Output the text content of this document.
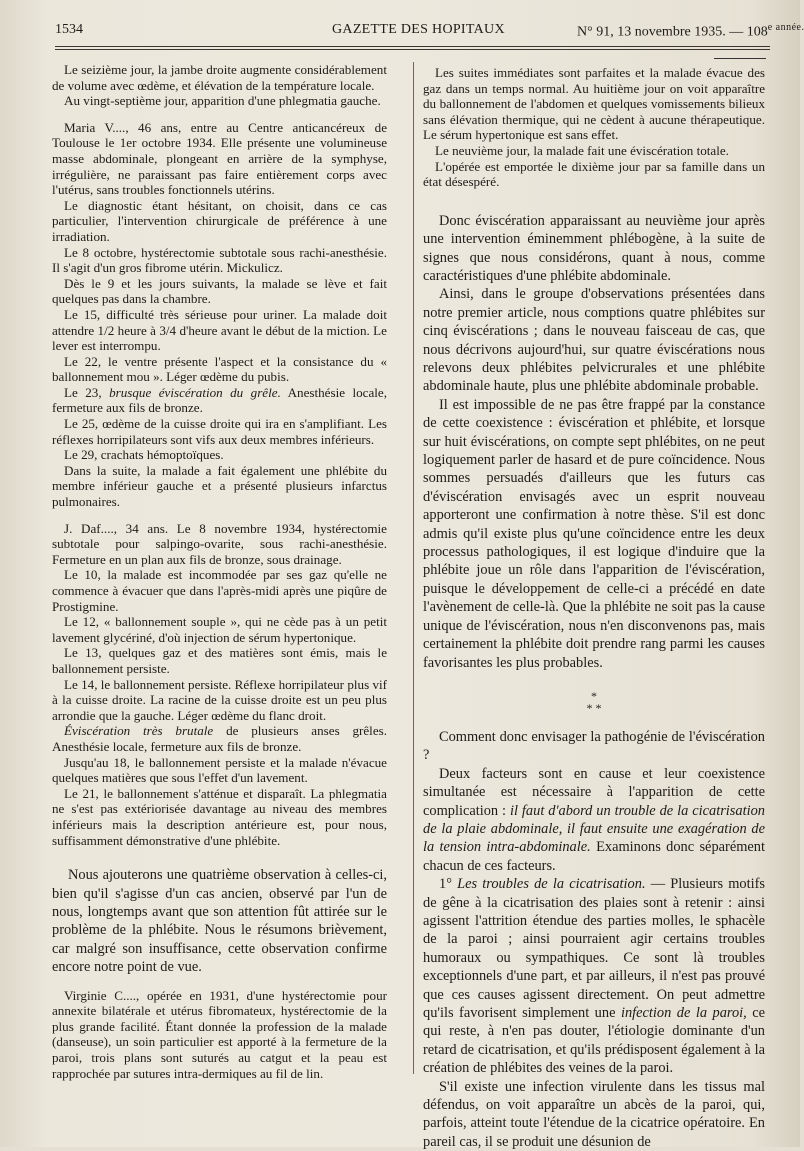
1534	GAZETTE DES HOPITAUX	N° 91, 13 novembre 1935. — $108^{e année.}$

Le seizième jour, la jambe droite augmente considérablement de volume avec œdème, et élévation de la température locale.

Au vingt-septième jour, apparition d'une phlegmatia gauche.

Maria V...., 46 ans, entre au Centre anticancéreux de Toulouse le 1er octobre 1934. Elle présente une volumineuse masse abdominale, plongeant en arrière de la symphyse, irrégulière, ne paraissant pas faire entièrement corps avec l'utérus, sans troubles fonctionnels utérins.

Le diagnostic étant hésitant, on choisit, dans ce cas particulier, l'intervention chirurgicale de préférence à une irradiation.

Le 8 octobre, hystérectomie subtotale sous rachi-anesthésie. Il s'agit d'un gros fibrome utérin. Mickulicz.

Dès le 9 et les jours suivants, la malade se lève et fait quelques pas dans la chambre.

Le 15, difficulté très sérieuse pour uriner. La malade doit attendre 1/2 heure à 3/4 d'heure avant le début de la miction. Le lever est interrompu.

Le 22, le ventre présente l'aspect et la consistance du « ballonnement mou ». Léger œdème du pubis.

Le 23, brusque éviscération du grêle. Anesthésie locale, fermeture aux fils de bronze.

Le 25, œdème de la cuisse droite qui ira en s'amplifiant. Les réflexes horripilateurs sont vifs aux deux membres inférieurs.

Le 29, crachats hémoptoïques.

Dans la suite, la malade a fait également une phlébite du membre inférieur gauche et a présenté plusieurs infarctus pulmonaires.

J. Daf...., 34 ans. Le 8 novembre 1934, hystérectomie subtotale pour salpingo-ovarite, sous rachi-anesthésie. Fermeture en un plan aux fils de bronze, sous drainage.

Le 10, la malade est incommodée par ses gaz qu'elle ne commence à évacuer que dans l'après-midi après une piqûre de Prostigmine.

Le 12, « ballonnement souple », qui ne cède pas à un petit lavement glycériné, d'où injection de sérum hypertonique.

Le 13, quelques gaz et des matières sont émis, mais le ballonnement persiste.

Le 14, le ballonnement persiste. Réflexe horripilateur plus vif à la cuisse droite. La racine de la cuisse droite est un peu plus arrondie que la gauche. Léger œdème du flanc droit.

Éviscération très brutale de plusieurs anses grêles. Anesthésie locale, fermeture aux fils de bronze.

Jusqu'au 18, le ballonnement persiste et la malade n'évacue quelques matières que sous l'effet d'un lavement.

Le 21, le ballonnement s'atténue et disparaît. La phlegmatia ne s'est pas extériorisée davantage au niveau des membres inférieurs mais la description antérieure est, pour nous, suffisamment démonstrative d'une phlébite.

Nous ajouterons une quatrième observation à celles-ci, bien qu'il s'agisse d'un cas ancien, observé par l'un de nous, longtemps avant que son attention fût attirée sur le problème de la phlébite. Nous le résumons brièvement, car malgré son insuffisance, cette observation confirme encore notre point de vue.

Virginie C...., opérée en 1931, d'une hystérectomie pour annexite bilatérale et utérus fibromateux, hystérectomie de la plus grande facilité. Étant donnée la profession de la malade (danseuse), un soin particulier est apporté à la fermeture de la paroi, trois plans sont suturés au catgut et la peau est rapprochée par sutures intra-dermiques au fil de lin.

Les suites immédiates sont parfaites et la malade évacue des gaz dans un temps normal. Au huitième jour on voit apparaître du ballonnement de l'abdomen et quelques vomissements bilieux sans élévation thermique, qui ne cèdent à aucune thérapeutique. Le sérum hypertonique est sans effet.

Le neuvième jour, la malade fait une éviscération totale.

L'opérée est emportée le dixième jour par sa famille dans un état désespéré.

Donc éviscération apparaissant au neuvième jour après une intervention éminemment phlébogène, à la suite de signes que nous considérons, quant à nous, comme caractéristiques d'une phlébite abdominale.

Ainsi, dans le groupe d'observations présentées dans notre premier article, nous comptions quatre phlébites sur cinq éviscérations ; dans le nouveau faisceau de cas, que nous décrivons aujourd'hui, sur quatre éviscérations nous relevons deux phlébites pelvicrurales et une phlébite abdominale haute, plus une phlébite abdominale probable.

Il est impossible de ne pas être frappé par la constance de cette coexistence : éviscération et phlébite, et lorsque sur huit éviscérations, on compte sept phlébites, on ne peut logiquement parler de hasard et de pure coïncidence. Nous sommes persuadés d'ailleurs que les futurs cas d'éviscération envisagés avec un esprit nouveau apporteront une confirmation à notre thèse. S'il est donc admis qu'il existe plus qu'une coïncidence entre les deux processus pathologiques, il est logique d'induire que la phlébite joue un rôle dans l'apparition de l'éviscération, puisque le développement de celle-ci a précédé en date l'avènement de celle-là. Que la phlébite ne soit pas la cause unique de l'éviscération, nous n'en disconvenons pas, mais certainement la phlébite doit prendre rang parmi les causes favorisantes les plus probables.

*
* *

Comment donc envisager la pathogénie de l'éviscération ?

Deux facteurs sont en cause et leur coexistence simultanée est nécessaire à l'apparition de cette complication : il faut d'abord un trouble de la cicatrisation de la plaie abdominale, il faut ensuite une exagération de la tension intra-abdominale. Examinons donc séparément chacun de ces facteurs.

1° Les troubles de la cicatrisation. — Plusieurs motifs de gêne à la cicatrisation des plaies sont à retenir : ainsi agissent l'attrition étendue des parties molles, le sphacèle de la paroi ; ainsi pourraient agir certains troubles humoraux ou sympathiques. Ce sont là troubles exceptionnels d'une part, et par ailleurs, il n'est pas prouvé que ces causes agissent directement. On peut admettre qu'ils favorisent simplement une infection de la paroi, ce qui reste, à n'en pas douter, l'étiologie dominante d'un retard de cicatrisation, et qu'ils prédisposent également à la création de phlébites des veines de la paroi.

S'il existe une infection virulente dans les tissus mal défendus, on voit apparaître un abcès de la paroi, qui, parfois, atteint toute l'étendue de la cicatrice opératoire. En pareil cas, il se produit une désunion de
